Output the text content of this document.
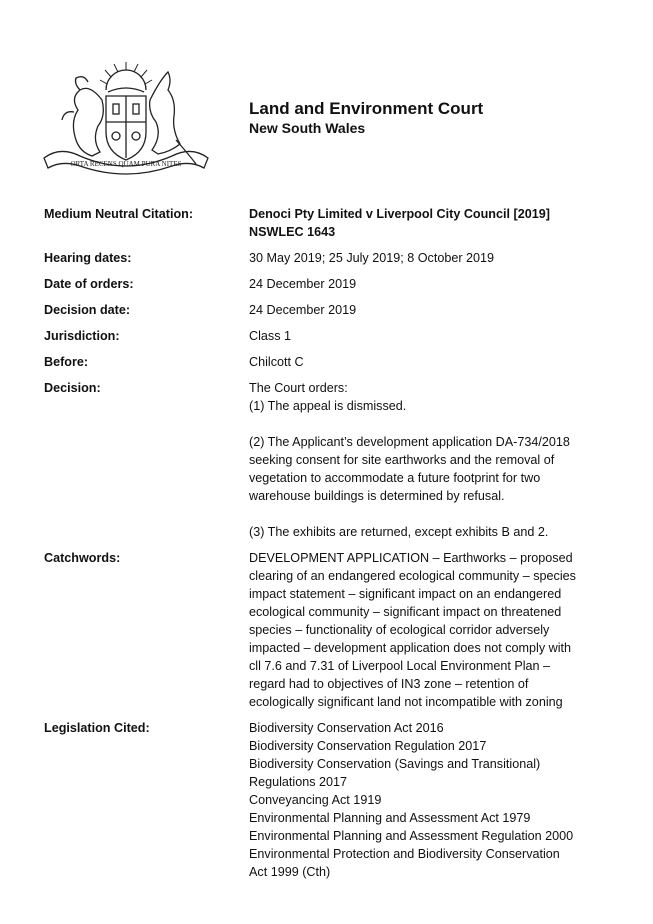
ORTA RECENS QUAM PURA NITES
Land and Environment Court
New South Wales
Medium Neutral Citation:	Denoci Pty Limited v Liverpool City Council [2019]
NSWLEC 1643
Hearing dates:	30 May 2019; 25 July 2019; 8 October 2019
Date of orders:	24 December 2019
Decision date:	24 December 2019
Jurisdiction:	Class 1
Before:	Chilcott C
Decision:	The Court orders:
(1) The appeal is dismissed.
(2) The Applicant’s development application DA-734/2018
seeking consent for site earthworks and the removal of
vegetation to accommodate a future footprint for two
warehouse buildings is determined by refusal.
(3) The exhibits are returned, except exhibits B and 2.
Catchwords:	DEVELOPMENT APPLICATION – Earthworks – proposed
clearing of an endangered ecological community – species
impact statement – significant impact on an endangered
ecological community – significant impact on threatened
species – functionality of ecological corridor adversely
impacted – development application does not comply with
cll 7.6 and 7.31 of Liverpool Local Environment Plan –
regard had to objectives of IN3 zone – retention of
ecologically significant land not incompatible with zoning
Legislation Cited:	Biodiversity Conservation Act 2016
Biodiversity Conservation Regulation 2017
Biodiversity Conservation (Savings and Transitional)
Regulations 2017
Conveyancing Act 1919
Environmental Planning and Assessment Act 1979
Environmental Planning and Assessment Regulation 2000
Environmental Protection and Biodiversity Conservation
Act 1999 (Cth)
